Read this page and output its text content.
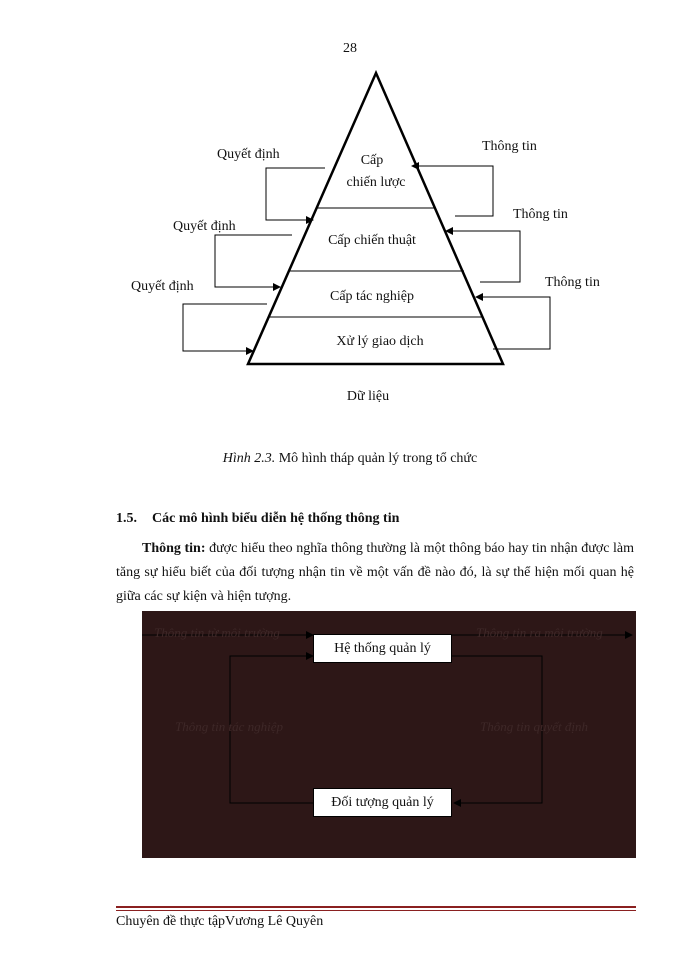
28
Cấp
chiến lược
Cấp chiến thuật
Cấp tác nghiệp
Xử lý giao dịch
Quyết định
Quyết định
Quyết định
Thông tin
Thông tin
Thông tin
Dữ liệu
Hình 2.3. Mô hình tháp quản lý trong tổ chức
1.5. Các mô hình biểu diễn hệ thống thông tin
Thông tin: được hiểu theo nghĩa thông thường là một thông báo hay tin nhận được làm tăng sự hiểu biết của đối tượng nhận tin về một vấn đề nào đó, là sự thể hiện mối quan hệ giữa các sự kiện và hiện tượng.
Thông tin từ môi trường	Thông tin ra môi trường
Thông tin tác nghiệp	Thông tin quyết định
Hệ thống quản lý
Đối tượng quản lý
Chuyên đề thực tậpVương Lê Quyên
